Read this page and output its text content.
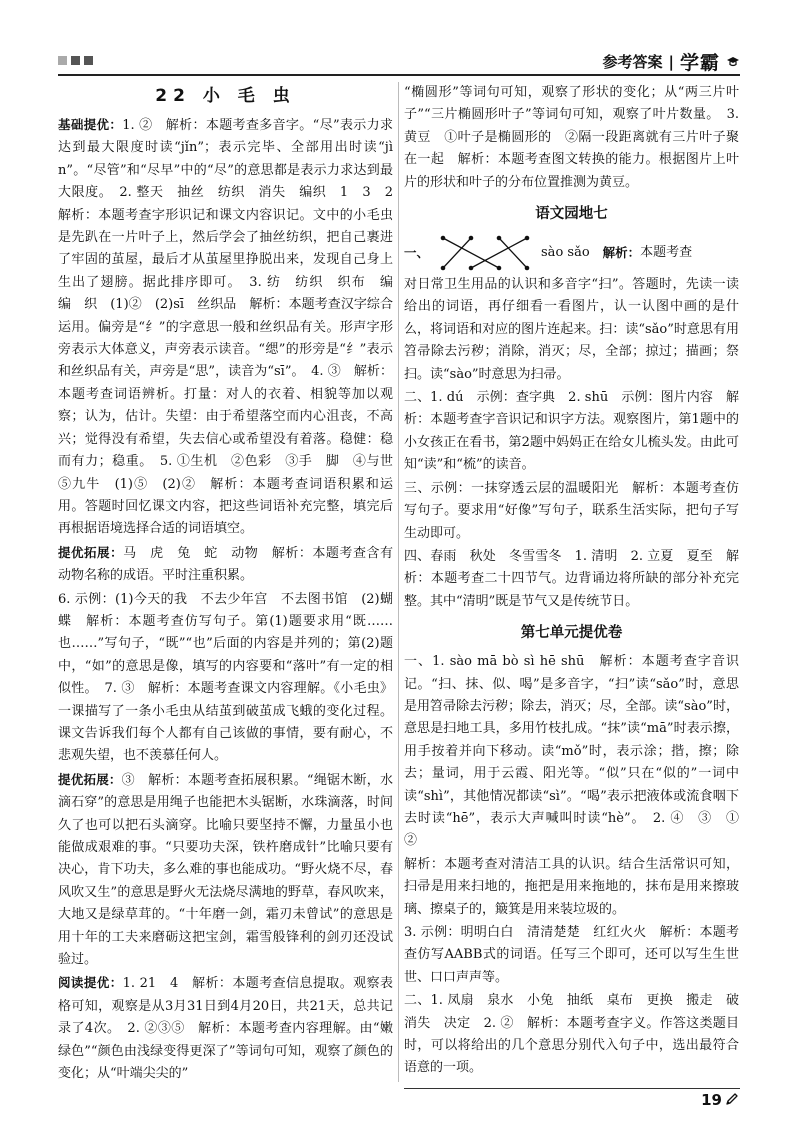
参考答案 | 学霸
22 小 毛 虫

基础提优：1. ②　解析：本题考查多音字。“尽”表示力求达到最大限度时读“jǐn”；表示完毕、全部用出时读“jìn”。“尽管”和“尽早”中的“尽”的意思都是表示力求达到最大限度。　2. 整天　抽丝　纺织　消失　编织　1　3　2　解析：本题考查字形识记和课文内容识记。文中的小毛虫是先趴在一片叶子上，然后学会了抽丝纺织，把自己裹进了牢固的茧屋，最后才从茧屋里挣脱出来，发现自己身上生出了翅膀。据此排序即可。　3. 纺　纺织　织布　编　编　织　(1)②　(2)sī　丝织品　解析：本题考查汉字综合运用。偏旁是“纟”的字意思一般和丝织品有关。形声字形旁表示大体意义，声旁表示读音。“缌”的形旁是“纟”表示和丝织品有关，声旁是“思”，读音为“sī”。　4. ③　解析：本题考查词语辨析。打量：对人的衣着、相貌等加以观察；认为，估计。失望：由于希望落空而内心沮丧，不高兴；觉得没有希望，失去信心或希望没有着落。稳健：稳而有力；稳重。　5. ①生机　②色彩　③手　脚　④与世　⑤九牛　(1)⑤　(2)②　解析：本题考查词语积累和运用。答题时回忆课文内容，把这些词语补充完整，填完后再根据语境选择合适的词语填空。

提优拓展：马　虎　兔　蛇　动物　解析：本题考查含有动物名称的成语。平时注重积累。

6. 示例：(1)今天的我　不去少年宫　不去图书馆　(2)蝴蝶　解析：本题考查仿写句子。第(1)题要求用“既……也……”写句子，“既”“也”后面的内容是并列的；第(2)题中，“如”的意思是像，填写的内容要和“落叶”有一定的相似性。　7. ③　解析：本题考查课文内容理解。《小毛虫》一课描写了一条小毛虫从结茧到破茧成飞蛾的变化过程。课文告诉我们每个人都有自己该做的事情，要有耐心，不悲观失望，也不羡慕任何人。

提优拓展：③　解析：本题考查拓展积累。“绳锯木断，水滴石穿”的意思是用绳子也能把木头锯断，水珠滴落，时间久了也可以把石头滴穿。比喻只要坚持不懈，力量虽小也能做成艰难的事。“只要功夫深，铁杵磨成针”比喻只要有决心，肯下功夫，多么难的事也能成功。“野火烧不尽，春风吹又生”的意思是野火无法烧尽满地的野草，春风吹来，大地又是绿草茸的。“十年磨一剑，霜刃未曾试”的意思是用十年的工夫来磨砺这把宝剑，霜雪般锋利的剑刃还没试验过。

阅读提优：1. 21　4　解析：本题考查信息提取。观察表格可知，观察是从3月31日到4月20日，共21天，总共记录了4次。　2. ②③⑤　解析：本题考查内容理解。由“嫩绿色”“颜色由浅绿变得更深了”等词句可知，观察了颜色的变化；从“叶端尖尖的”

“椭圆形”等词句可知，观察了形状的变化；从“两三片叶子”“三片椭圆形叶子”等词句可知，观察了叶片数量。　3. 黄豆　①叶子是椭圆形的　②隔一段距离就有三片叶子聚在一起　解析：本题考查图文转换的能力。根据图片上叶片的形状和叶子的分布位置推测为黄豆。

语文园地七
一、	sào sǎo　 解析： 本题考查

对日常卫生用品的认识和多音字“扫”。答题时，先读一读给出的词语，再仔细看一看图片，认一认图中画的是什么，将词语和对应的图片连起来。扫：读“sǎo”时意思有用笤帚除去污秽；消除，消灭；尽，全部；掠过；描画；祭扫。读“sào”时意思为扫帚。

二、1. dú　示例：查字典　2. shū　示例：图片内容　解析：本题考查字音识记和识字方法。观察图片，第1题中的小女孩正在看书，第2题中妈妈正在给女儿梳头发。由此可知“读”和“梳”的读音。

三、示例：一抹穿透云层的温暖阳光　解析：本题考查仿写句子。要求用“好像”写句子，联系生活实际，把句子写生动即可。

四、春雨　秋处　冬雪雪冬　1. 清明　2. 立夏　夏至　解析：本题考查二十四节气。边背诵边将所缺的部分补充完整。其中“清明”既是节气又是传统节日。

第七单元提优卷

一、1. sào mā bò sì hē shū　解析：本题考查字音识记。“扫、抹、似、喝”是多音字，“扫”读“sǎo”时，意思是用笤帚除去污秽；除去，消灭；尽，全部。读“sào”时，意思是扫地工具，多用竹枝扎成。“抹”读“mā”时表示擦，用手按着并向下移动。读“mǒ”时，表示涂；揩，擦；除去；量词，用于云霞、阳光等。“似”只在“似的”一词中读“shì”，其他情况都读“sì”。“喝”表示把液体或流食咽下去时读“hē”，表示大声喊叫时读“hè”。　2. ④　③　①　②

解析：本题考查对清洁工具的认识。结合生活常识可知，扫帚是用来扫地的，拖把是用来拖地的，抹布是用来擦玻璃、擦桌子的，簸箕是用来装垃圾的。

3. 示例：明明白白　清清楚楚　红红火火　解析：本题考查仿写AABB式的词语。任写三个即可，还可以写生生世世、口口声声等。

二、1. 凤扇　泉水　小兔　抽纸　桌布　更换　搬走　破　消失　决定　2. ②　解析：本题考查字义。作答这类题目时，可以将给出的几个意思分别代入句子中，选出最符合语意的一项。

19
